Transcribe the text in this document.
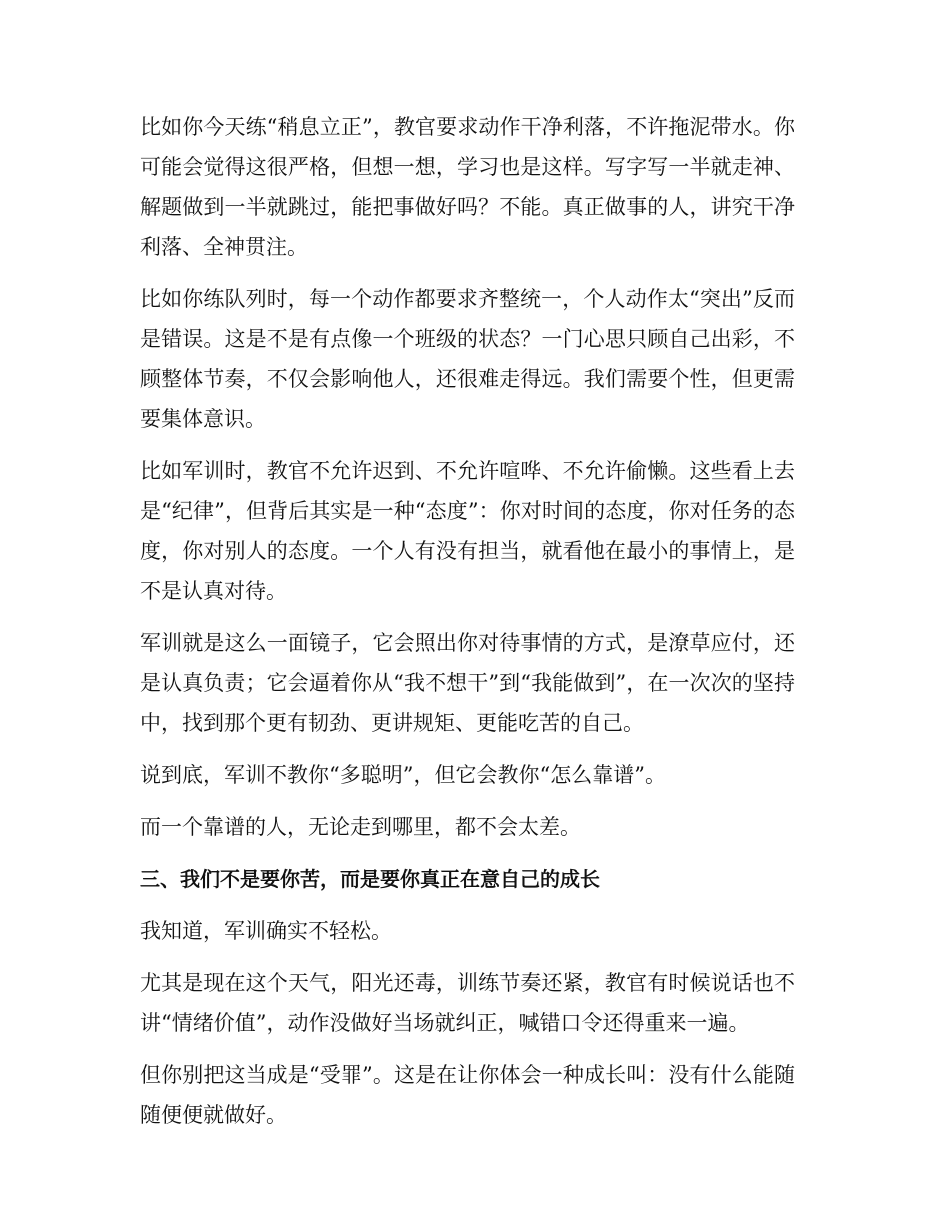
比如你今天练“稍息立正”，教官要求动作干净利落，不许拖泥带水。你可能会觉得这很严格，但想一想，学习也是这样。写字写一半就走神、解题做到一半就跳过，能把事做好吗？不能。真正做事的人，讲究干净利落、全神贯注。

比如你练队列时，每一个动作都要求齐整统一，个人动作太“突出”反而是错误。这是不是有点像一个班级的状态？一门心思只顾自己出彩，不顾整体节奏，不仅会影响他人，还很难走得远。我们需要个性，但更需要集体意识。

比如军训时，教官不允许迟到、不允许喧哗、不允许偷懒。这些看上去是“纪律”，但背后其实是一种“态度”：你对时间的态度，你对任务的态度，你对别人的态度。一个人有没有担当，就看他在最小的事情上，是不是认真对待。

军训就是这么一面镜子，它会照出你对待事情的方式，是潦草应付，还是认真负责；它会逼着你从“我不想干”到“我能做到”，在一次次的坚持中，找到那个更有韧劲、更讲规矩、更能吃苦的自己。

说到底，军训不教你“多聪明”，但它会教你“怎么靠谱”。

而一个靠谱的人，无论走到哪里，都不会太差。

三、我们不是要你苦，而是要你真正在意自己的成长

我知道，军训确实不轻松。

尤其是现在这个天气，阳光还毒，训练节奏还紧，教官有时候说话也不讲“情绪价值”，动作没做好当场就纠正，喊错口令还得重来一遍。

但你别把这当成是“受罪”。这是在让你体会一种成长叫：没有什么能随随便便就做好。
